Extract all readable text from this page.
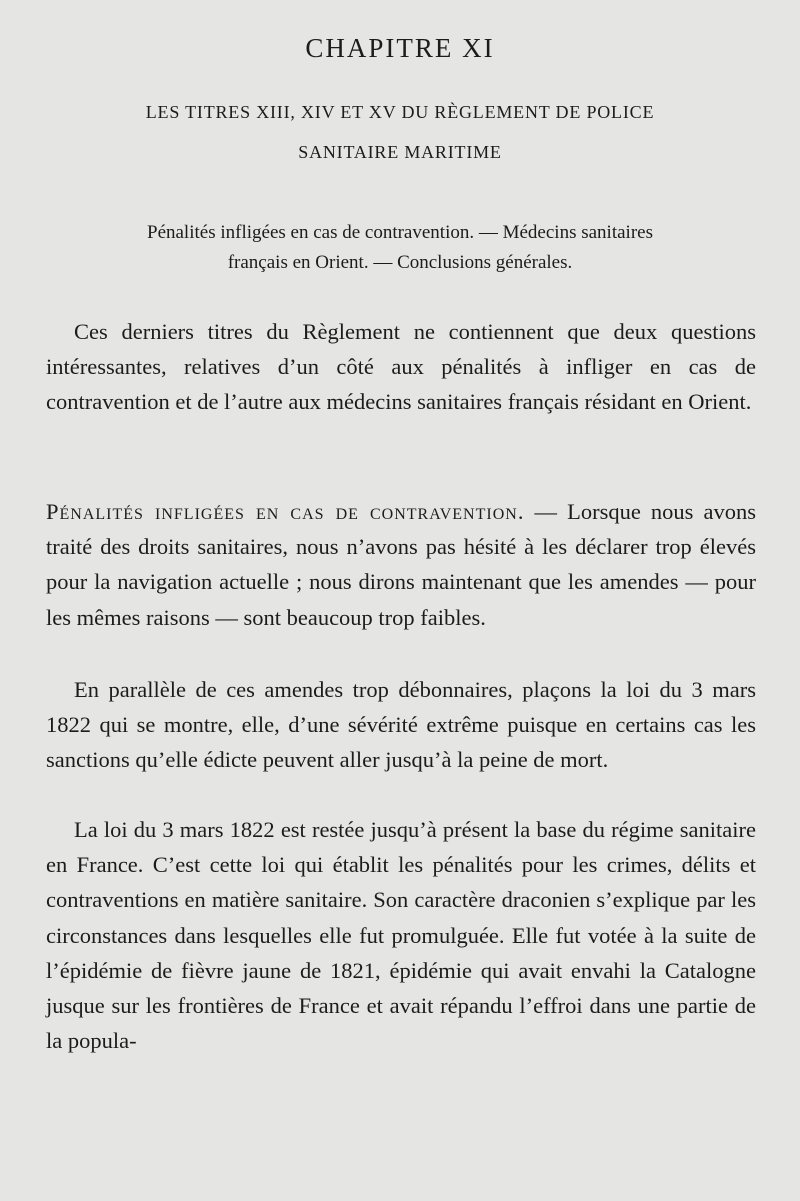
CHAPITRE XI
LES TITRES XIII, XIV ET XV DU RÈGLEMENT DE POLICE
SANITAIRE MARITIME
Pénalités infligées en cas de contravention. — Médecins sanitaires
français en Orient. — Conclusions générales.

Ces derniers titres du Règlement ne contiennent que deux questions intéressantes, relatives d’un côté aux pénalités à infliger en cas de contravention et de l’autre aux médecins sanitaires français résidant en Orient.

Pénalités infligées en cas de contravention. — Lorsque nous avons traité des droits sanitaires, nous n’avons pas hésité à les déclarer trop élevés pour la navigation actuelle ; nous dirons maintenant que les amendes — pour les mêmes raisons — sont beaucoup trop faibles.

En parallèle de ces amendes trop débonnaires, plaçons la loi du 3 mars 1822 qui se montre, elle, d’une sévérité extrême puisque en certains cas les sanctions qu’elle édicte peuvent aller jusqu’à la peine de mort.

La loi du 3 mars 1822 est restée jusqu’à présent la base du régime sanitaire en France. C’est cette loi qui établit les pénalités pour les crimes, délits et contraventions en matière sanitaire. Son caractère draconien s’explique par les circonstances dans lesquelles elle fut promulguée. Elle fut votée à la suite de l’épidémie de fièvre jaune de 1821, épidémie qui avait envahi la Catalogne jusque sur les frontières de France et avait répandu l’effroi dans une partie de la popula-
